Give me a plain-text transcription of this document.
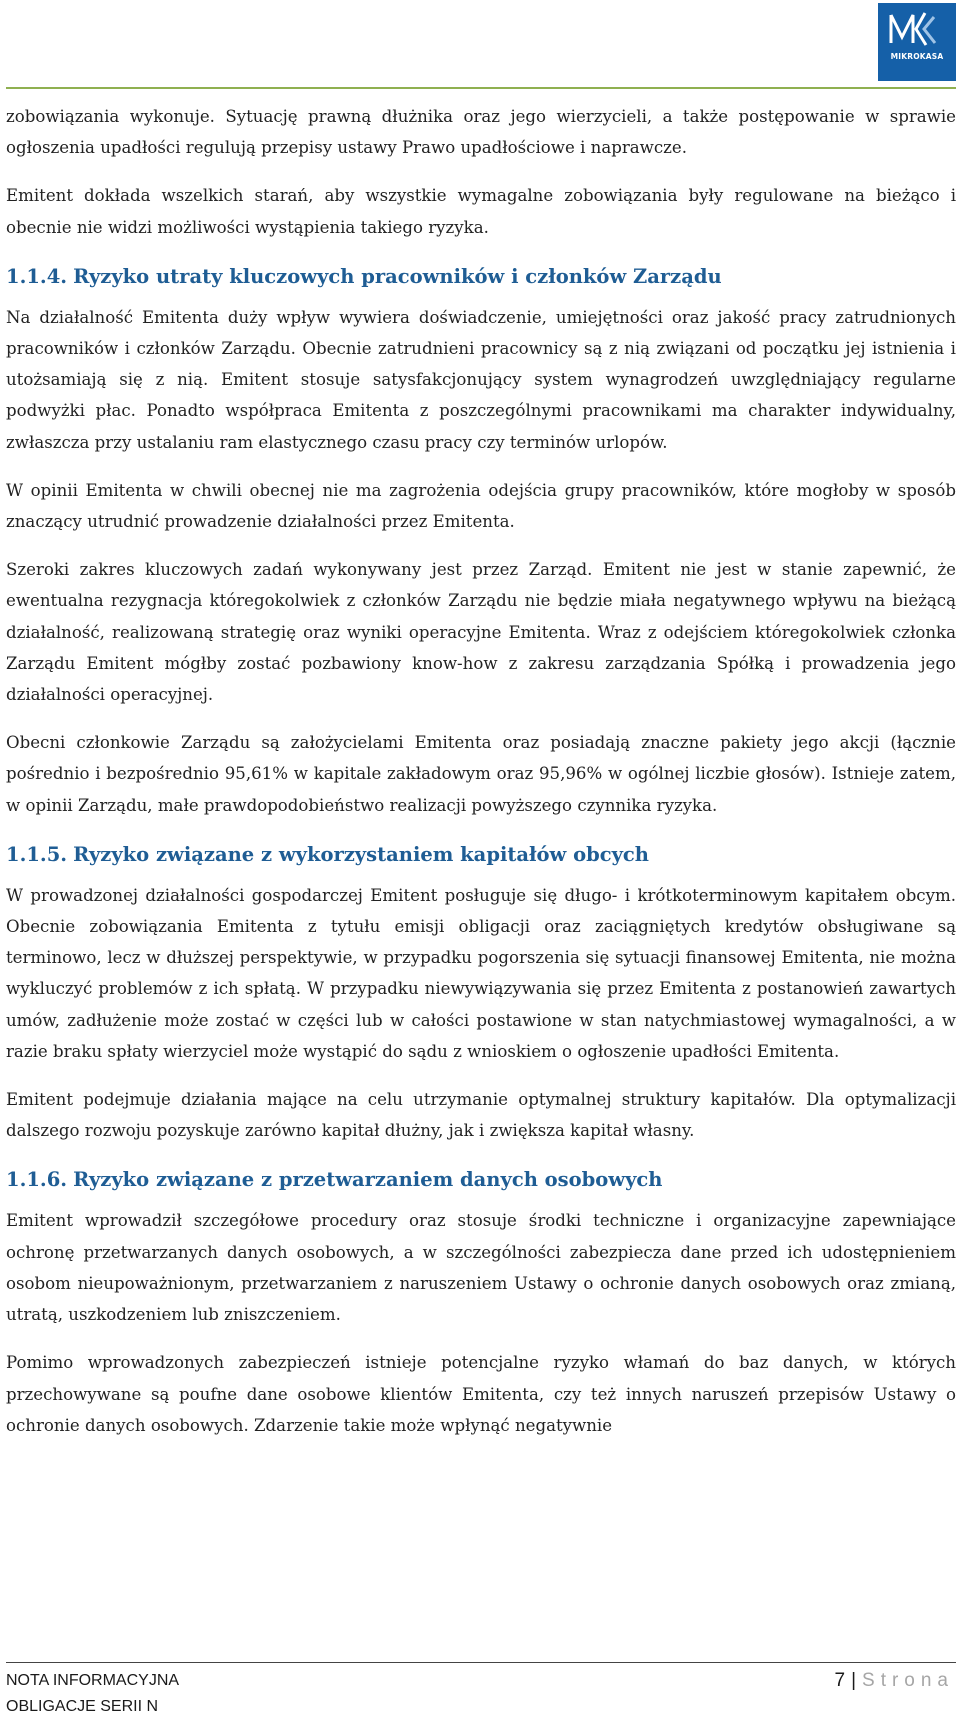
MIKROKASA

zobowiązania wykonuje. Sytuację prawną dłużnika oraz jego wierzycieli, a także postępowanie w sprawie ogłoszenia upadłości regulują przepisy ustawy Prawo upadłościowe i naprawcze.

Emitent dokłada wszelkich starań, aby wszystkie wymagalne zobowiązania były regulowane na bieżąco i obecnie nie widzi możliwości wystąpienia takiego ryzyka.

1.1.4. Ryzyko utraty kluczowych pracowników i członków Zarządu

Na działalność Emitenta duży wpływ wywiera doświadczenie, umiejętności oraz jakość pracy zatrudnionych pracowników i członków Zarządu. Obecnie zatrudnieni pracownicy są z nią związani od początku jej istnienia i utożsamiają się z nią. Emitent stosuje satysfakcjonujący system wynagrodzeń uwzględniający regularne podwyżki płac. Ponadto współpraca Emitenta z poszczególnymi pracownikami ma charakter indywidualny, zwłaszcza przy ustalaniu ram elastycznego czasu pracy czy terminów urlopów.

W opinii Emitenta w chwili obecnej nie ma zagrożenia odejścia grupy pracowników, które mogłoby w sposób znaczący utrudnić prowadzenie działalności przez Emitenta.

Szeroki zakres kluczowych zadań wykonywany jest przez Zarząd. Emitent nie jest w stanie zapewnić, że ewentualna rezygnacja któregokolwiek z członków Zarządu nie będzie miała negatywnego wpływu na bieżącą działalność, realizowaną strategię oraz wyniki operacyjne Emitenta. Wraz z odejściem któregokolwiek członka Zarządu Emitent mógłby zostać pozbawiony know-how z zakresu zarządzania Spółką i prowadzenia jego działalności operacyjnej.

Obecni członkowie Zarządu są założycielami Emitenta oraz posiadają znaczne pakiety jego akcji (łącznie pośrednio i bezpośrednio 95,61% w kapitale zakładowym oraz 95,96% w ogólnej liczbie głosów). Istnieje zatem, w opinii Zarządu, małe prawdopodobieństwo realizacji powyższego czynnika ryzyka.

1.1.5. Ryzyko związane z wykorzystaniem kapitałów obcych

W prowadzonej działalności gospodarczej Emitent posługuje się długo- i krótkoterminowym kapitałem obcym. Obecnie zobowiązania Emitenta z tytułu emisji obligacji oraz zaciągniętych kredytów obsługiwane są terminowo, lecz w dłuższej perspektywie, w przypadku pogorszenia się sytuacji finansowej Emitenta, nie można wykluczyć problemów z ich spłatą. W przypadku niewywiązywania się przez Emitenta z postanowień zawartych umów, zadłużenie może zostać w części lub w całości postawione w stan natychmiastowej wymagalności, a w razie braku spłaty wierzyciel może wystąpić do sądu z wnioskiem o ogłoszenie upadłości Emitenta.

Emitent podejmuje działania mające na celu utrzymanie optymalnej struktury kapitałów. Dla optymalizacji dalszego rozwoju pozyskuje zarówno kapitał dłużny, jak i zwiększa kapitał własny.

1.1.6. Ryzyko związane z przetwarzaniem danych osobowych

Emitent wprowadził szczegółowe procedury oraz stosuje środki techniczne i organizacyjne zapewniające ochronę przetwarzanych danych osobowych, a w szczególności zabezpiecza dane przed ich udostępnieniem osobom nieupoważnionym, przetwarzaniem z naruszeniem Ustawy o ochronie danych osobowych oraz zmianą, utratą, uszkodzeniem lub zniszczeniem.

Pomimo wprowadzonych zabezpieczeń istnieje potencjalne ryzyko włamań do baz danych, w których przechowywane są poufne dane osobowe klientów Emitenta, czy też innych naruszeń przepisów Ustawy o ochronie danych osobowych. Zdarzenie takie może wpłynąć negatywnie

NOTA INFORMACYJNA
OBLIGACJE SERII N
7 | Strona
